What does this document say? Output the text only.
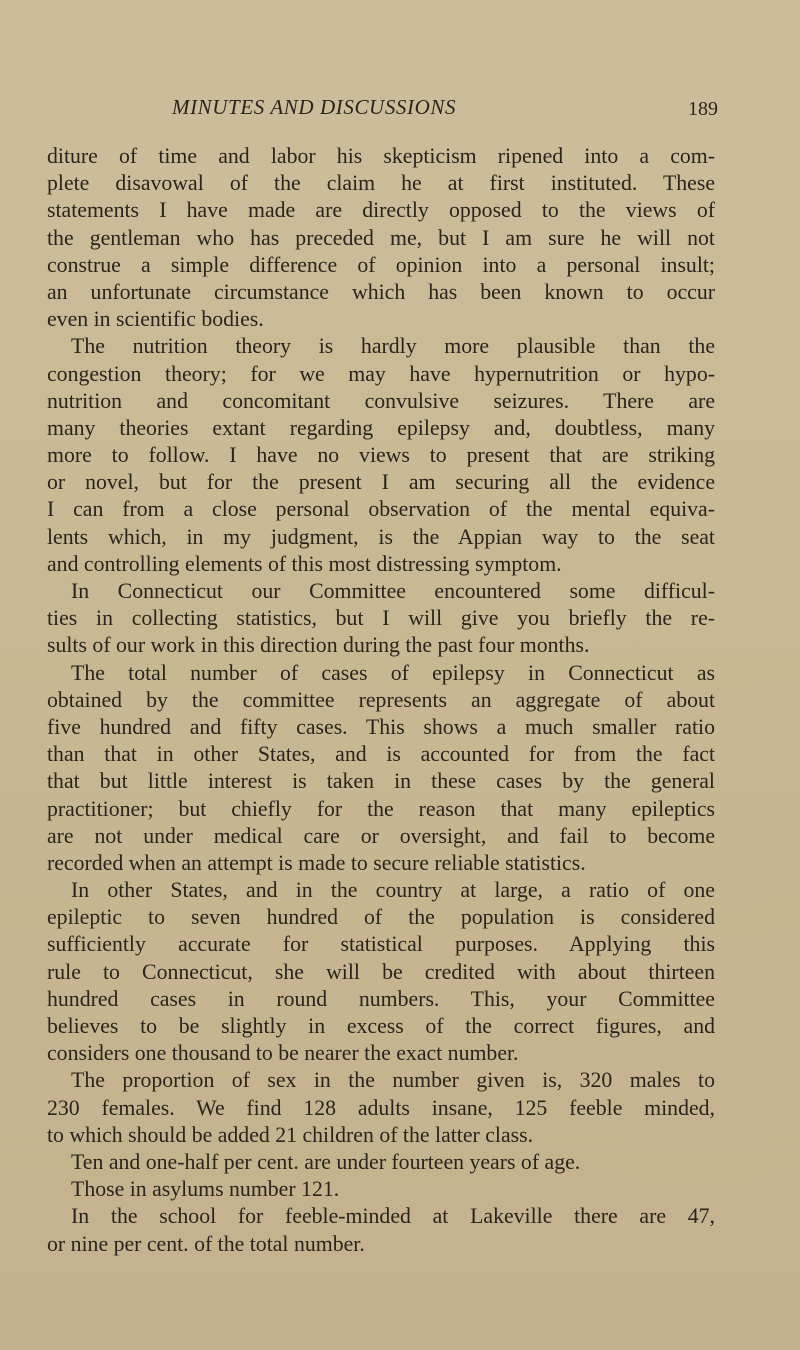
MINUTES AND DISCUSSIONS	189
diture of time and labor his skepticism ripened into a com-
plete disavowal of the claim he at first instituted. These
statements I have made are directly opposed to the views of
the gentleman who has preceded me, but I am sure he will not
construe a simple difference of opinion into a personal insult;
an unfortunate circumstance which has been known to occur
even in scientific bodies.
The nutrition theory is hardly more plausible than the
congestion theory; for we may have hypernutrition or hypo-
nutrition and concomitant convulsive seizures. There are
many theories extant regarding epilepsy and, doubtless, many
more to follow. I have no views to present that are striking
or novel, but for the present I am securing all the evidence
I can from a close personal observation of the mental equiva-
lents which, in my judgment, is the Appian way to the seat
and controlling elements of this most distressing symptom.
In Connecticut our Committee encountered some difficul-
ties in collecting statistics, but I will give you briefly the re-
sults of our work in this direction during the past four months.
The total number of cases of epilepsy in Connecticut as
obtained by the committee represents an aggregate of about
five hundred and fifty cases. This shows a much smaller ratio
than that in other States, and is accounted for from the fact
that but little interest is taken in these cases by the general
practitioner; but chiefly for the reason that many epileptics
are not under medical care or oversight, and fail to become
recorded when an attempt is made to secure reliable statistics.
In other States, and in the country at large, a ratio of one
epileptic to seven hundred of the population is considered
sufficiently accurate for statistical purposes. Applying this
rule to Connecticut, she will be credited with about thirteen
hundred cases in round numbers. This, your Committee
believes to be slightly in excess of the correct figures, and
considers one thousand to be nearer the exact number.
The proportion of sex in the number given is, 320 males to
230 females. We find 128 adults insane, 125 feeble minded,
to which should be added 21 children of the latter class.
Ten and one-half per cent. are under fourteen years of age.
Those in asylums number 121.
In the school for feeble-minded at Lakeville there are 47,
or nine per cent. of the total number.
